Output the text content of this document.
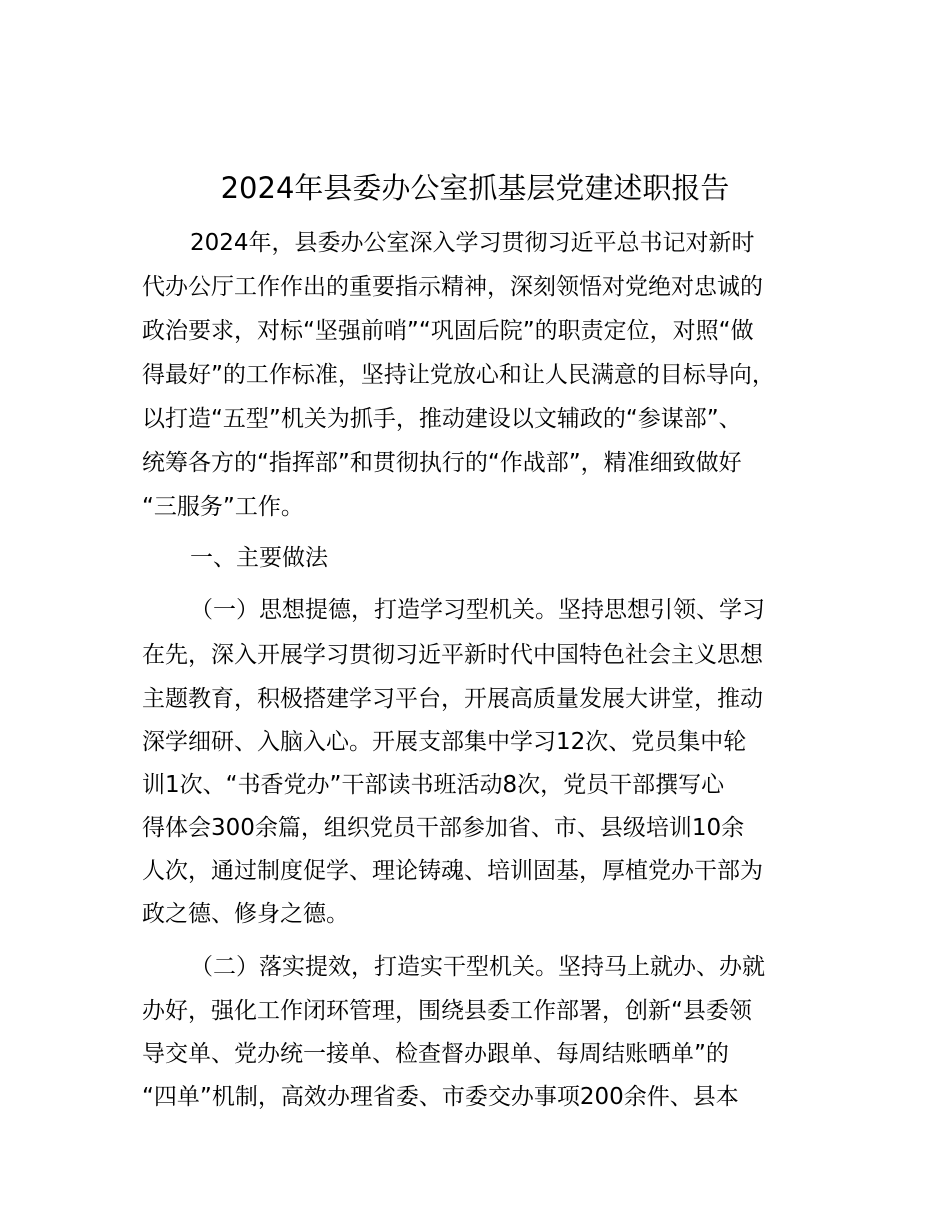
2024年县委办公室抓基层党建述职报告
2024年，县委办公室深入学习贯彻习近平总书记对新时
代办公厅工作作出的重要指示精神，深刻领悟对党绝对忠诚的
政治要求，对标“坚强前哨”“巩固后院”的职责定位，对照“做
得最好”的工作标准，坚持让党放心和让人民满意的目标导向，
以打造“五型”机关为抓手，推动建设以文辅政的“参谋部”、
统筹各方的“指挥部”和贯彻执行的“作战部”，精准细致做好
“三服务”工作。
一、主要做法
（一）思想提德，打造学习型机关。坚持思想引领、学习
在先，深入开展学习贯彻习近平新时代中国特色社会主义思想
主题教育，积极搭建学习平台，开展高质量发展大讲堂，推动
深学细研、入脑入心。开展支部集中学习12次、党员集中轮
训1次、“书香党办”干部读书班活动8次，党员干部撰写心
得体会300余篇，组织党员干部参加省、市、县级培训10余
人次，通过制度促学、理论铸魂、培训固基，厚植党办干部为
政之德、修身之德。
（二）落实提效，打造实干型机关。坚持马上就办、办就
办好，强化工作闭环管理，围绕县委工作部署，创新“县委领
导交单、党办统一接单、检查督办跟单、每周结账晒单”的
“四单”机制，高效办理省委、市委交办事项200余件、县本
